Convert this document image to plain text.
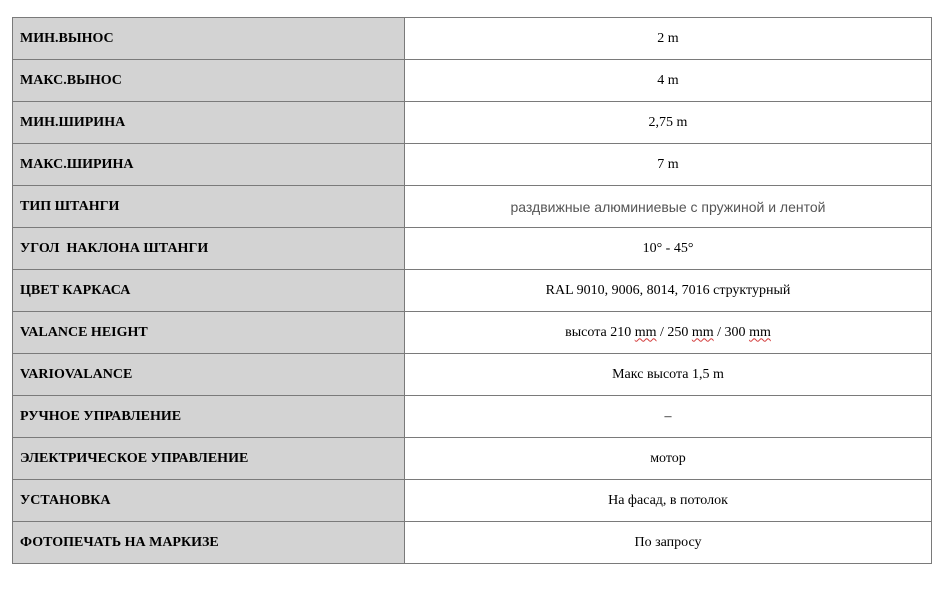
МИН.ВЫНОС	2 m
МАКС.ВЫНОС	4 m
МИН.ШИРИНА	2,75 m
МАКС.ШИРИНА	7 m
ТИП ШТАНГИ	раздвижные алюминиевые с пружиной и лентой
УГОЛ  НАКЛОНА ШТАНГИ	10° - 45°
ЦВЕТ КАРКАСА	RAL 9010, 9006, 8014, 7016 структурный
VALANCE HEIGHT	высота 210 mm / 250 mm / 300 mm
VARIOVALANCE	Макс высота 1,5 m
РУЧНОЕ УПРАВЛЕНИЕ	–
ЭЛЕКТРИЧЕСКОЕ УПРАВЛЕНИЕ	мотор
УСТАНОВКА	На фасад, в потолок
ФОТОПЕЧАТЬ НА МАРКИЗЕ	По запросу
